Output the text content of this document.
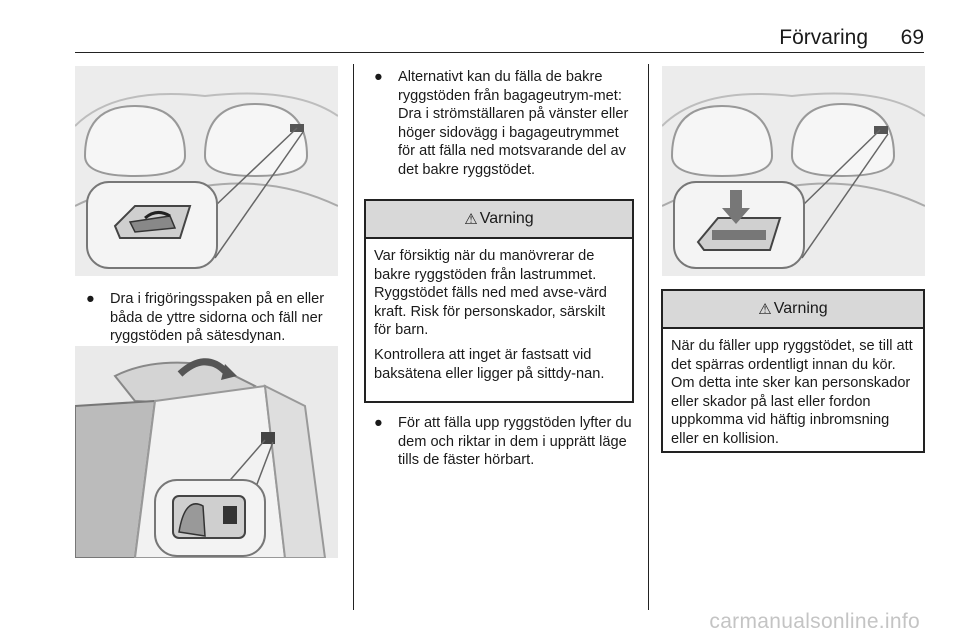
Förvaring 69
● Dra i frigöringsspaken på en eller båda de yttre sidorna och fäll ner ryggstöden på sätesdynan.
● Alternativt kan du fälla de bakre ryggstöden från bagageutrym-met: Dra i strömställaren på vänster eller höger sidovägg i bagageutrymmet för att fälla ned motsvarande del av det bakre ryggstödet.
⚠ Varning

Var försiktig när du manövrerar de bakre ryggstöden från lastrummet. Ryggstödet fälls ned med avse-värd kraft. Risk för personskador, särskilt för barn.

Kontrollera att inget är fastsatt vid baksätena eller ligger på sittdy-nan.

● För att fälla upp ryggstöden lyfter du dem och riktar in dem i upprätt läge tills de fäster hörbart.
⚠ Varning

När du fäller upp ryggstödet, se till att det spärras ordentligt innan du kör. Om detta inte sker kan personskador eller skador på last eller fordon uppkomma vid häftig inbromsning eller en kollision.

carmanualsonline.info
